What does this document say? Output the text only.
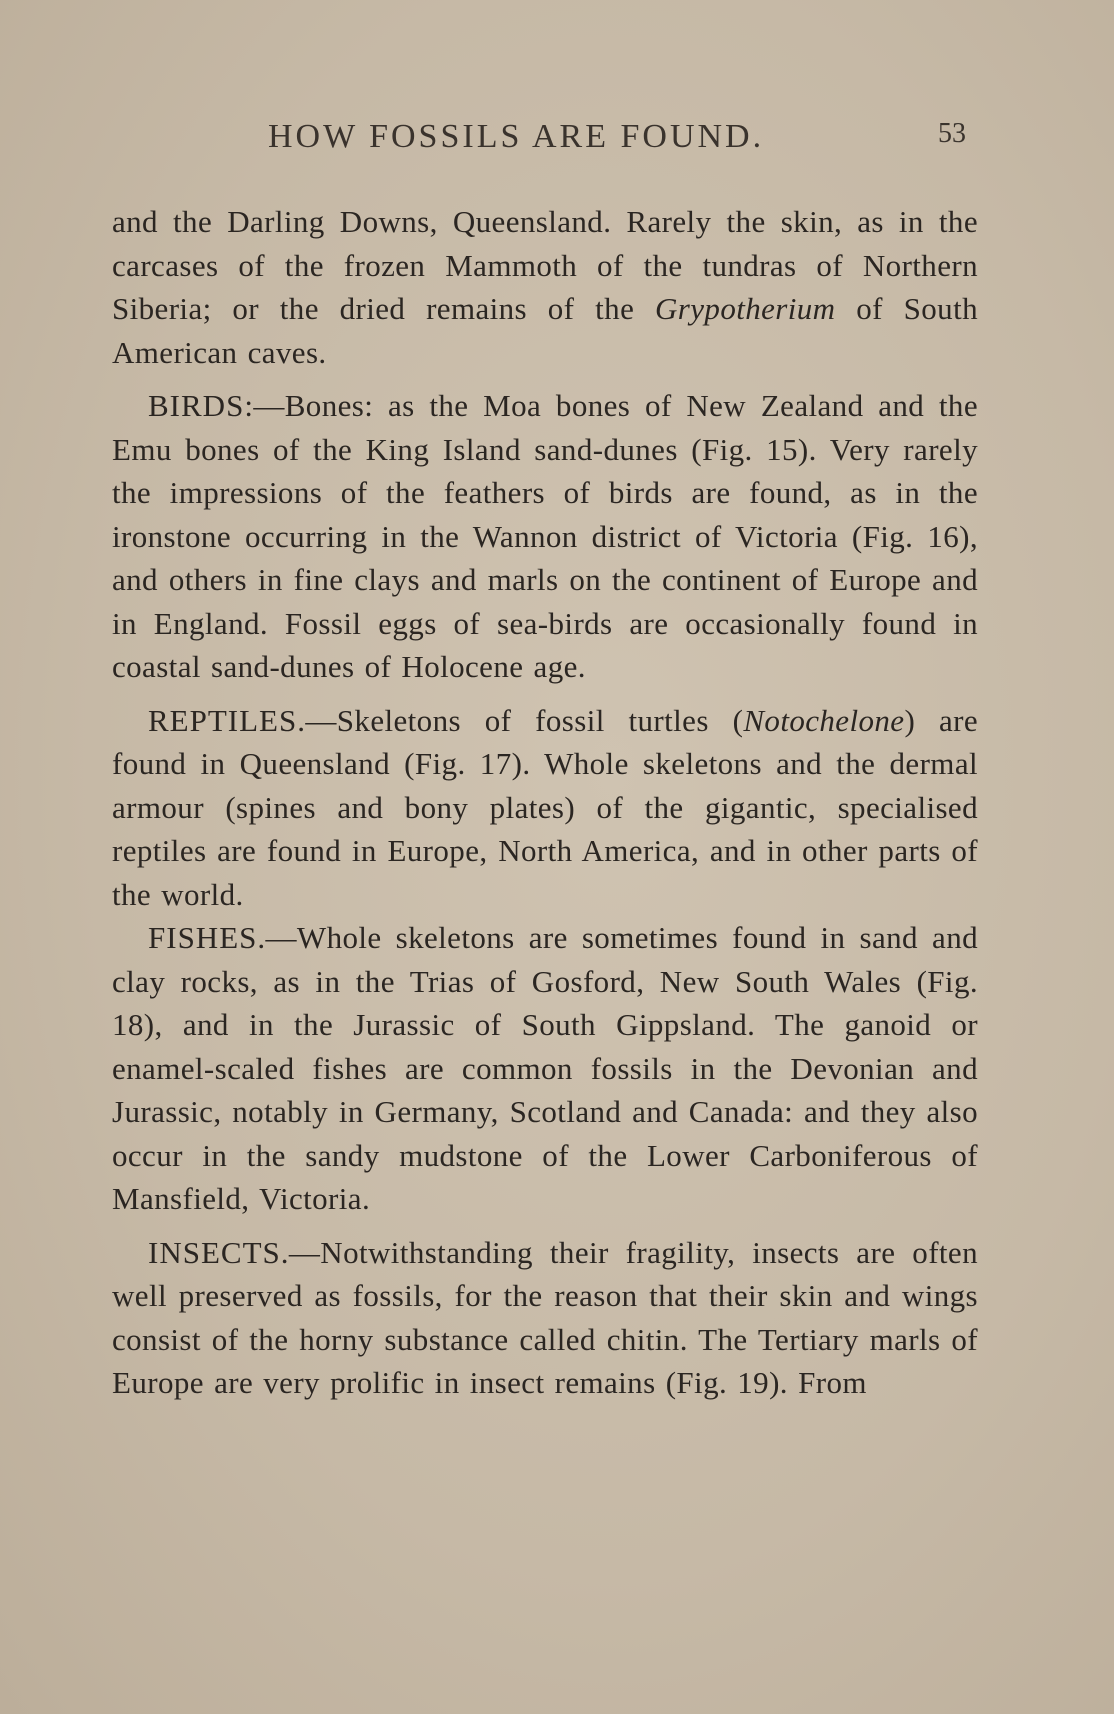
HOW FOSSILS ARE FOUND.	53

and the Darling Downs, Queensland. Rarely the skin, as in the carcases of the frozen Mammoth of the tundras of Northern Siberia; or the dried remains of the Grypotherium of South American caves.

BIRDS:—Bones: as the Moa bones of New Zealand and the Emu bones of the King Island sand-dunes (Fig. 15). Very rarely the impressions of the feathers of birds are found, as in the ironstone occurring in the Wannon district of Victoria (Fig. 16), and others in fine clays and marls on the continent of Europe and in England. Fossil eggs of sea-birds are occasionally found in coastal sand-dunes of Holocene age.

REPTILES.—Skeletons of fossil turtles (Notochelone) are found in Queensland (Fig. 17). Whole skeletons and the dermal armour (spines and bony plates) of the gigantic, specialised reptiles are found in Europe, North America, and in other parts of the world.

FISHES.—Whole skeletons are sometimes found in sand and clay rocks, as in the Trias of Gosford, New South Wales (Fig. 18), and in the Jurassic of South Gippsland. The ganoid or enamel-scaled fishes are common fossils in the Devonian and Jurassic, notably in Germany, Scotland and Canada: and they also occur in the sandy mudstone of the Lower Carboniferous of Mansfield, Victoria.

INSECTS.—Notwithstanding their fragility, insects are often well preserved as fossils, for the reason that their skin and wings consist of the horny substance called chitin. The Tertiary marls of Europe are very prolific in insect remains (Fig. 19). From
